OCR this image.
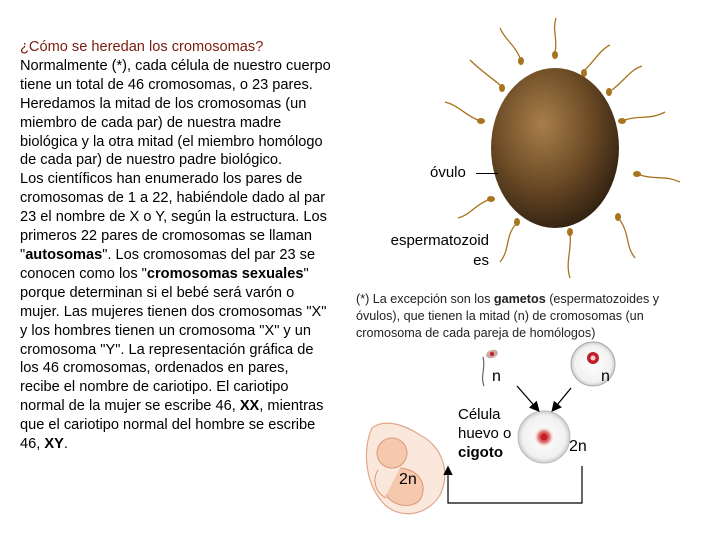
¿Cómo se heredan los cromosomas?

Normalmente (*), cada célula de nuestro cuerpo tiene un total de 46 cromosomas, o 23 pares. Heredamos la mitad de los cromosomas (un miembro de cada par) de nuestra madre biológica y la otra mitad (el miembro homólogo de cada par) de nuestro padre biológico.

Los científicos han enumerado los pares de cromosomas de 1 a 22, habiéndole dado al par 23 el nombre de X o Y, según la estructura. Los primeros 22 pares de cromosomas se llaman "autosomas". Los cromosomas del par 23 se conocen como los "cromosomas sexuales" porque determinan si el bebé será varón o mujer. Las mujeres tienen dos cromosomas "X" y los hombres tienen un cromosoma "X" y un cromosoma "Y". La representación gráfica de los 46 cromosomas, ordenados en pares, recibe el nombre de cariotipo. El cariotipo normal de la mujer se escribe 46, XX, mientras que el cariotipo normal del hombre se escribe 46, XY.

óvulo
espermatozoid
es
(*) La excepción son los gametos (espermatozoides y óvulos), que tienen la mitad (n) de cromosomas (un cromosoma de cada pareja de homólogos)
n	n
Célula
huevo o
cigoto	2n
2n
